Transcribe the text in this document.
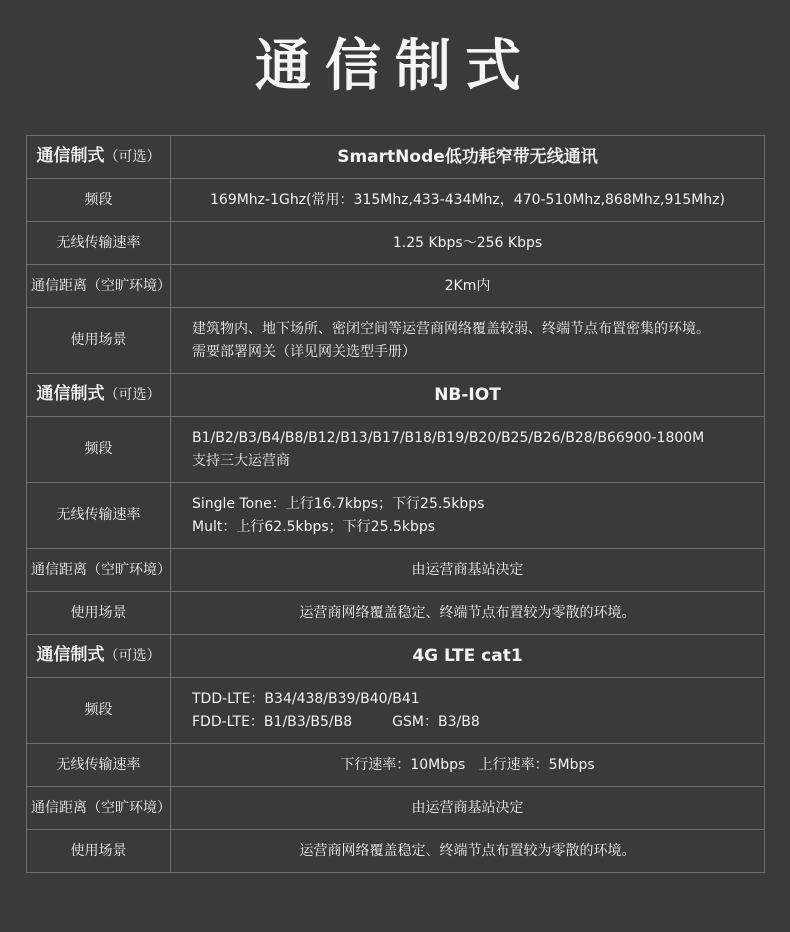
通信制式
通信制式（可选）	SmartNode低功耗窄带无线通讯
频段	169Mhz-1Ghz(常用：315Mhz,433-434Mhz，470-510Mhz,868Mhz,915Mhz)

无线传输速率	1.25 Kbps～256 Kbps

通信距离（空旷环境）	2Km内

使用场景	建筑物内、地下场所、密闭空间等运营商网络覆盖较弱、终端节点布置密集的环境。
需要部署网关（详见网关选型手册）

通信制式（可选）	NB-IOT
频段	B1/B2/B3/B4/B8/B12/B13/B17/B18/B19/B20/B25/B26/B28/B66900-1800M
支持三大运营商

无线传输速率	Single Tone：上行16.7kbps；下行25.5kbps
Mult：上行62.5kbps；下行25.5kbps

通信距离（空旷环境）	由运营商基站决定

使用场景	运营商网络覆盖稳定、终端节点布置较为零散的环境。

通信制式（可选）	4G LTE cat1
频段	TDD-LTE：B34/438/B39/B40/B41
FDD-LTE：B1/B3/B5/B8         GSM：B3/B8

无线传输速率	下行速率：10Mbps   上行速率：5Mbps

通信距离（空旷环境）	由运营商基站决定

使用场景	运营商网络覆盖稳定、终端节点布置较为零散的环境。
